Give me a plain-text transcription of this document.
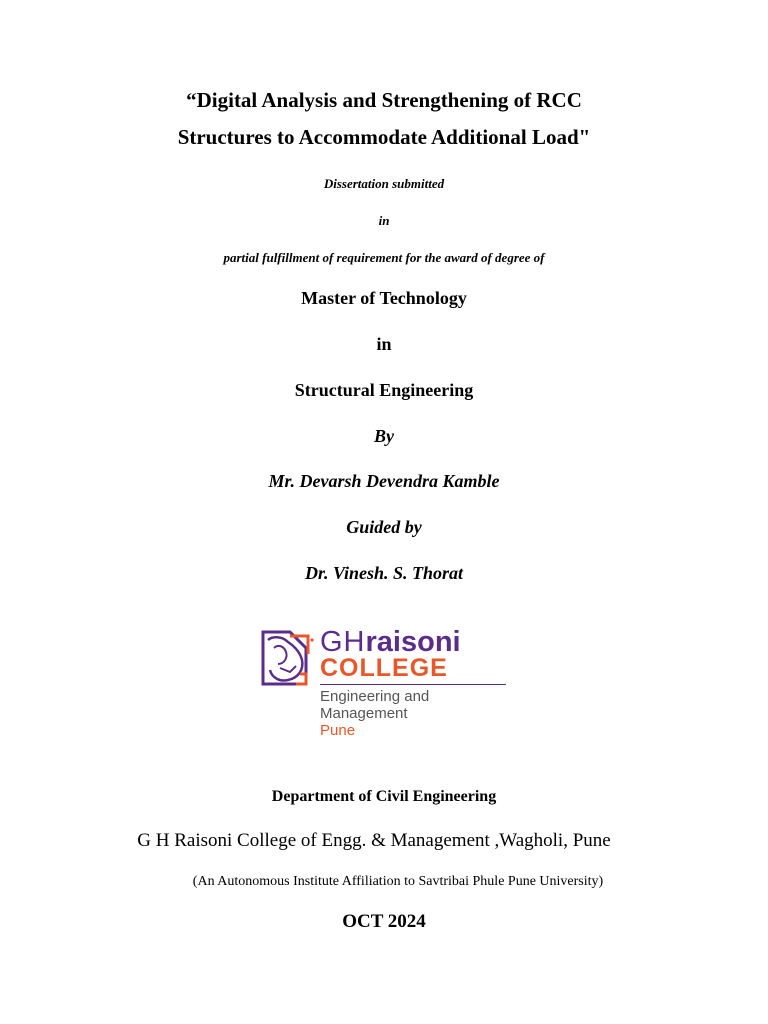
“Digital Analysis and Strengthening of RCC
Structures to Accommodate Additional Load"
Dissertation submitted
in
partial fulfillment of requirement for the award of degree of
Master of Technology
in
Structural Engineering
By
Mr. Devarsh Devendra Kamble
Guided by
Dr. Vinesh. S. Thorat
GHraisoni
COLLEGE
Engineering and
Management
Pune
Department of Civil Engineering
G H Raisoni College of Engg. & Management ,Wagholi, Pune
(An Autonomous Institute Affiliation to Savtribai Phule Pune University)
OCT 2024
